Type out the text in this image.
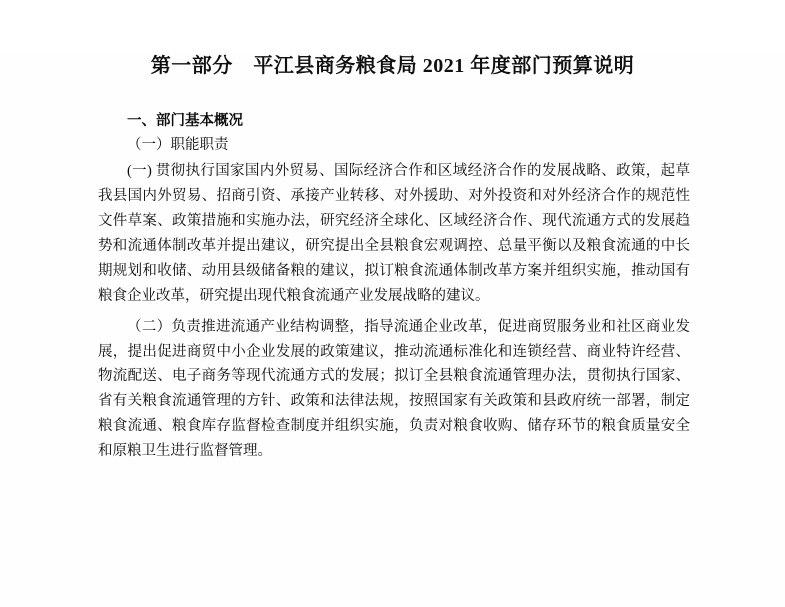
第一部分　平江县商务粮食局 2021 年度部门预算说明
一、部门基本概况
（一）职能职责
(一) 贯彻执行国家国内外贸易、国际经济合作和区域经济合作的发展战略、政策，起草我县国内外贸易、招商引资、承接产业转移、对外援助、对外投资和对外经济合作的规范性文件草案、政策措施和实施办法，研究经济全球化、区域经济合作、现代流通方式的发展趋势和流通体制改革并提出建议，研究提出全县粮食宏观调控、总量平衡以及粮食流通的中长期规划和收储、动用县级储备粮的建议，拟订粮食流通体制改革方案并组织实施，推动国有粮食企业改革，研究提出现代粮食流通产业发展战略的建议。
（二）负责推进流通产业结构调整，指导流通企业改革，促进商贸服务业和社区商业发展，提出促进商贸中小企业发展的政策建议，推动流通标准化和连锁经营、商业特许经营、物流配送、电子商务等现代流通方式的发展；拟订全县粮食流通管理办法，贯彻执行国家、省有关粮食流通管理的方针、政策和法律法规，按照国家有关政策和县政府统一部署，制定粮食流通、粮食库存监督检查制度并组织实施，负责对粮食收购、储存环节的粮食质量安全和原粮卫生进行监督管理。
